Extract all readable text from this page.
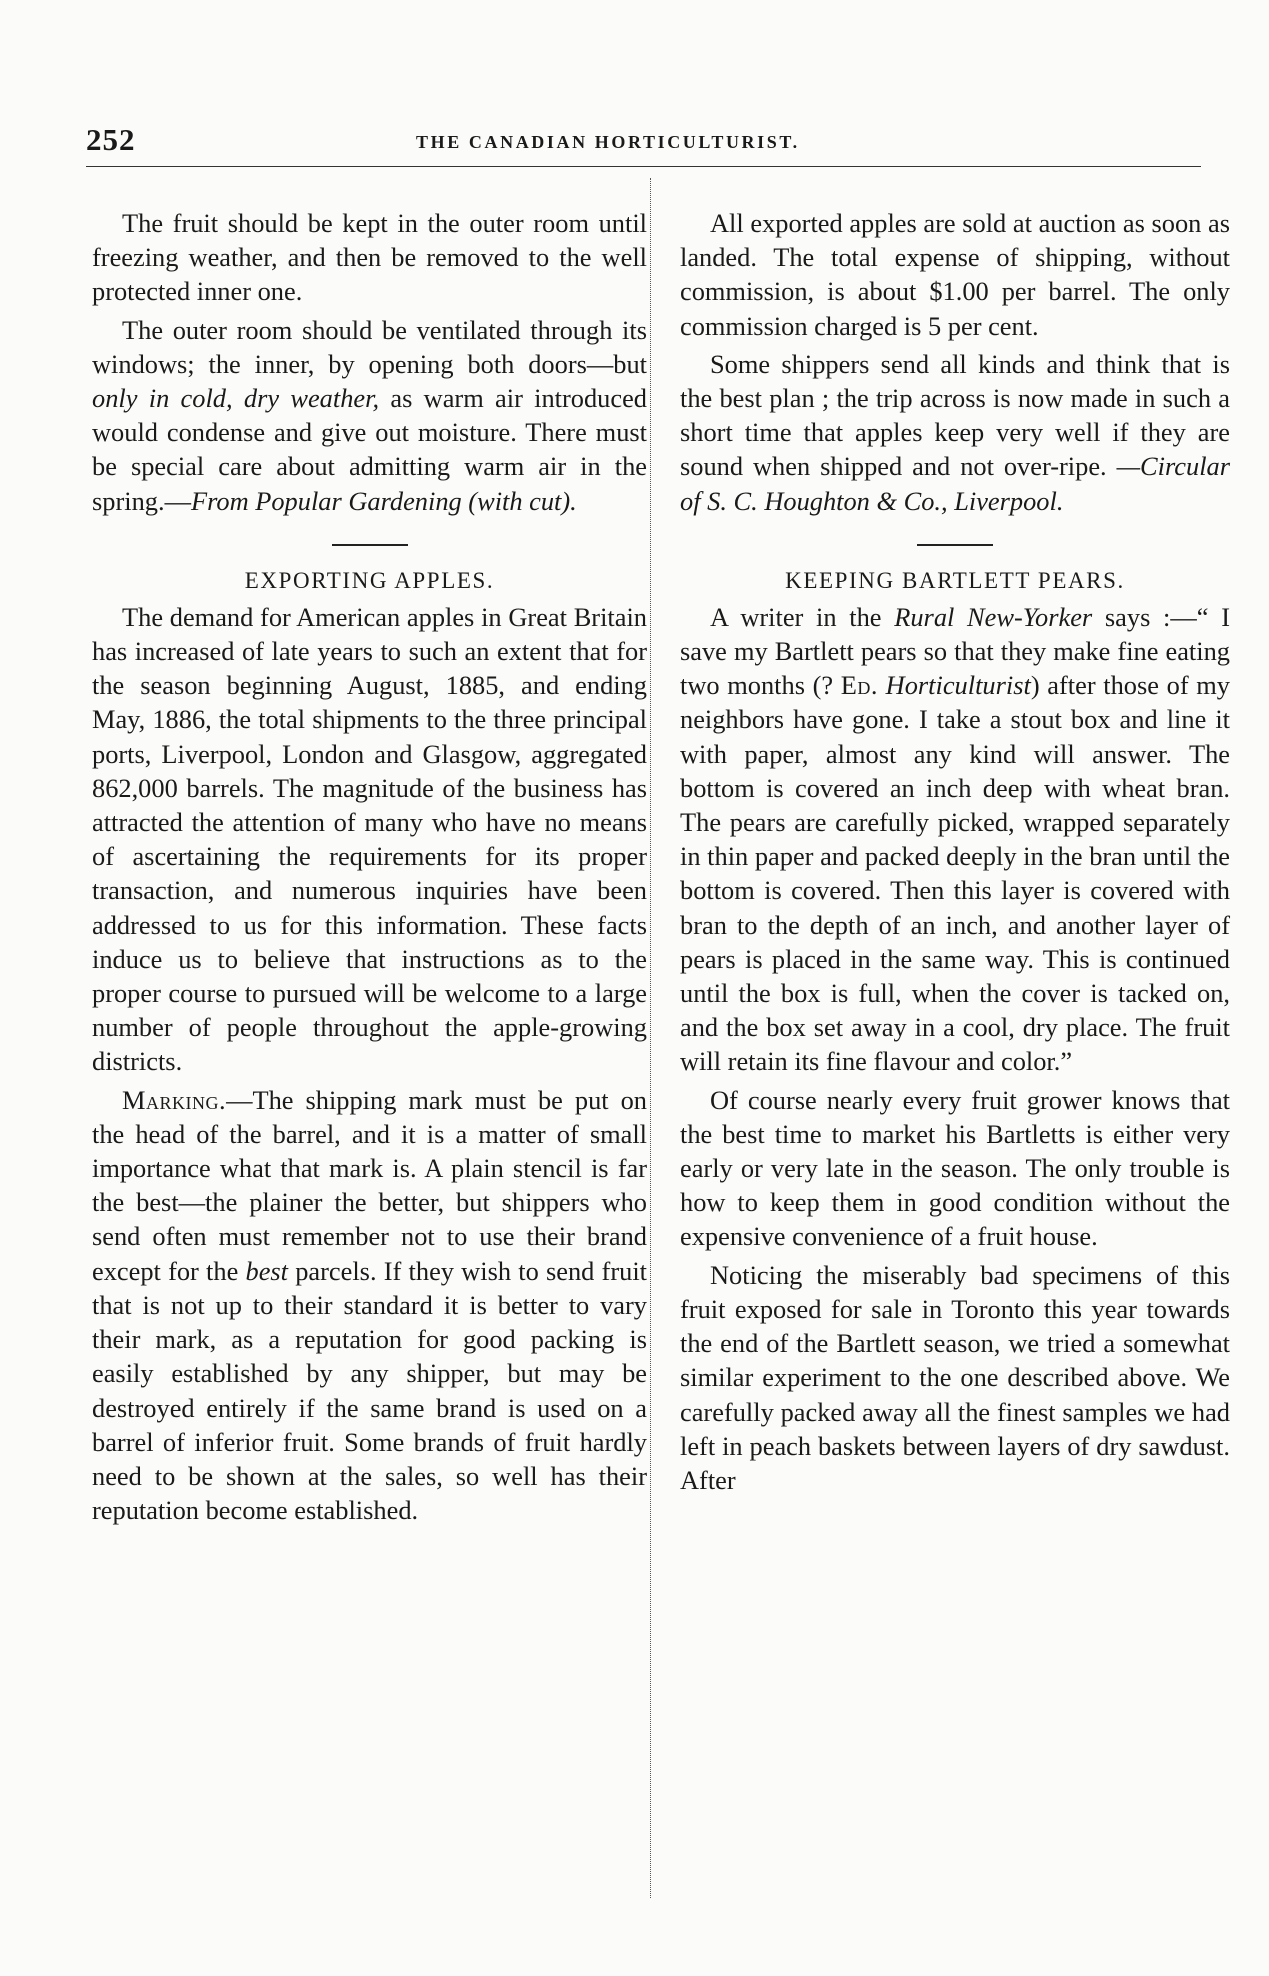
252	THE CANADIAN HORTICULTURIST.

The fruit should be kept in the outer room until freezing weather, and then be removed to the well protected inner one.

The outer room should be ventilated through its windows; the inner, by opening both doors—but only in cold, dry weather, as warm air introduced would condense and give out moisture. There must be special care about admitting warm air in the spring.—From Popular Gardening (with cut).

EXPORTING APPLES.

The demand for American apples in Great Britain has increased of late years to such an extent that for the season beginning August, 1885, and ending May, 1886, the total shipments to the three principal ports, Liverpool, London and Glasgow, aggregated 862,000 barrels. The magnitude of the business has attracted the attention of many who have no means of ascertaining the requirements for its proper transaction, and numerous inquiries have been addressed to us for this information. These facts induce us to believe that instructions as to the proper course to pursued will be welcome to a large number of people throughout the apple-growing districts.

Marking.—The shipping mark must be put on the head of the barrel, and it is a matter of small importance what that mark is. A plain stencil is far the best—the plainer the better, but shippers who send often must remember not to use their brand except for the best parcels. If they wish to send fruit that is not up to their standard it is better to vary their mark, as a reputation for good packing is easily established by any shipper, but may be destroyed entirely if the same brand is used on a barrel of inferior fruit. Some brands of fruit hardly need to be shown at the sales, so well has their reputation become established.

All exported apples are sold at auction as soon as landed. The total expense of shipping, without commission, is about $1.00 per barrel. The only commission charged is 5 per cent.

Some shippers send all kinds and think that is the best plan ; the trip across is now made in such a short time that apples keep very well if they are sound when shipped and not over-ripe. —Circular of S. C. Houghton & Co., Liverpool.

KEEPING BARTLETT PEARS.

A writer in the Rural New-Yorker says :—“ I save my Bartlett pears so that they make fine eating two months (? Ed. Horticulturist) after those of my neighbors have gone. I take a stout box and line it with paper, almost any kind will answer. The bottom is covered an inch deep with wheat bran. The pears are carefully picked, wrapped separately in thin paper and packed deeply in the bran until the bottom is covered. Then this layer is covered with bran to the depth of an inch, and another layer of pears is placed in the same way. This is continued until the box is full, when the cover is tacked on, and the box set away in a cool, dry place. The fruit will retain its fine flavour and color.”

Of course nearly every fruit grower knows that the best time to market his Bartletts is either very early or very late in the season. The only trouble is how to keep them in good condition without the expensive convenience of a fruit house.

Noticing the miserably bad specimens of this fruit exposed for sale in Toronto this year towards the end of the Bartlett season, we tried a somewhat similar experiment to the one described above. We carefully packed away all the finest samples we had left in peach baskets between layers of dry sawdust. After
